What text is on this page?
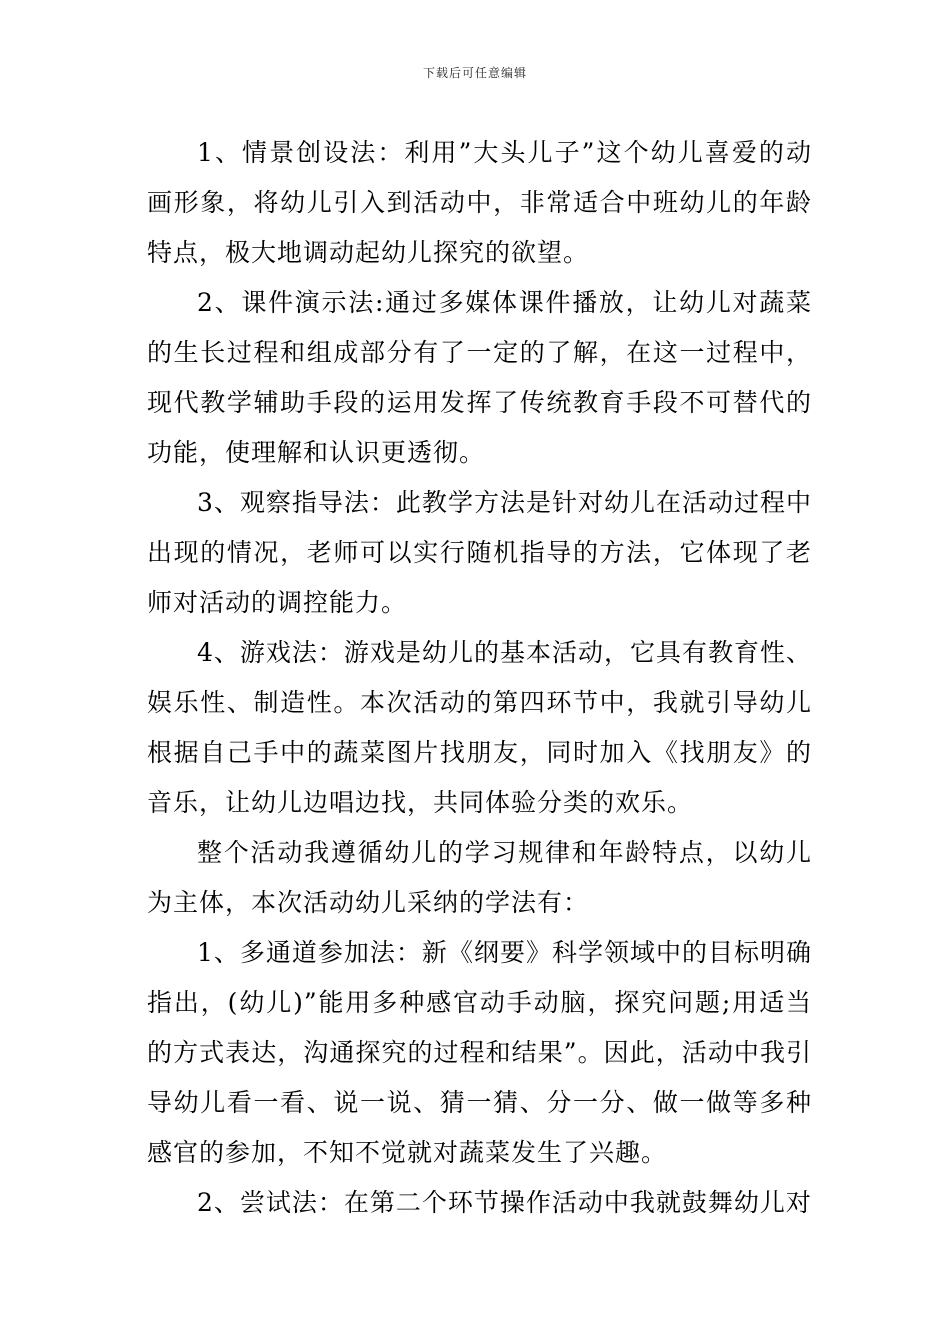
下载后可任意编辑

1、情景创设法：利用”大头儿子”这个幼儿喜爱的动画形象，将幼儿引入到活动中，非常适合中班幼儿的年龄特点，极大地调动起幼儿探究的欲望。

2、课件演示法:通过多媒体课件播放，让幼儿对蔬菜的生长过程和组成部分有了一定的了解，在这一过程中，现代教学辅助手段的运用发挥了传统教育手段不可替代的功能，使理解和认识更透彻。

3、观察指导法：此教学方法是针对幼儿在活动过程中出现的情况，老师可以实行随机指导的方法，它体现了老师对活动的调控能力。

4、游戏法：游戏是幼儿的基本活动，它具有教育性、娱乐性、制造性。本次活动的第四环节中，我就引导幼儿根据自己手中的蔬菜图片找朋友，同时加入《找朋友》的音乐，让幼儿边唱边找，共同体验分类的欢乐。

整个活动我遵循幼儿的学习规律和年龄特点，以幼儿为主体，本次活动幼儿采纳的学法有：

1、多通道参加法：新《纲要》科学领域中的目标明确指出，(幼儿)”能用多种感官动手动脑，探究问题;用适当的方式表达，沟通探究的过程和结果”。因此，活动中我引导幼儿看一看、说一说、猜一猜、分一分、做一做等多种感官的参加，不知不觉就对蔬菜发生了兴趣。

2、尝试法：在第二个环节操作活动中我就鼓舞幼儿对
